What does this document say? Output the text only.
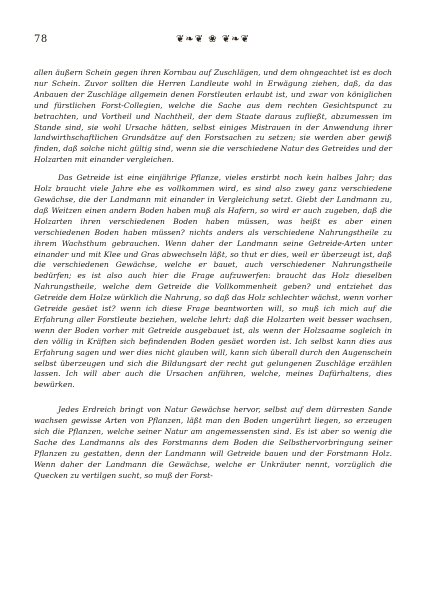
78	❦❧❦ ❀ ❦❧❦

allen äußern Schein gegen ihren Kornbau auf Zuschlägen, und dem ohngeachtet ist es doch nur Schein. Zuvor sollten die Herren Landleute wohl in Erwägung ziehen, daß, da das Anbauen der Zuschläge allgemein denen Forstleuten erlaubt ist, und zwar von königlichen und fürstlichen Forst-Collegien, welche die Sache aus dem rechten Gesichtspunct zu betrachten, und Vortheil und Nachtheil, der dem Staate daraus zufließt, abzumessen im Stande sind, sie wohl Ursache hätten, selbst einiges Mistrauen in der Anwendung ihrer landwirthschaftlichen Grundsätze auf den Forstsachen zu setzen; sie werden aber gewiß finden, daß solche nicht gültig sind, wenn sie die verschiedene Natur des Getreides und der Holzarten mit einander vergleichen.

Das Getreide ist eine einjährige Pflanze, vieles erstirbt noch kein halbes Jahr; das Holz braucht viele Jahre ehe es vollkommen wird, es sind also zwey ganz verschiedene Gewächse, die der Landmann mit einander in Vergleichung setzt. Giebt der Landmann zu, daß Weitzen einen andern Boden haben muß als Hafern, so wird er auch zugeben, daß die Holzarten ihren verschiedenen Boden haben müssen, was heißt es aber einen verschiedenen Boden haben müssen? nichts anders als verschiedene Nahrungstheile zu ihrem Wachsthum gebrauchen. Wenn daher der Landmann seine Getreide-Arten unter einander und mit Klee und Gras abwechseln läßt, so thut er dies, weil er überzeugt ist, daß die verschiedenen Gewächse, welche er bauet, auch verschiedener Nahrungstheile bedürfen; es ist also auch hier die Frage aufzuwerfen: braucht das Holz dieselben Nahrungstheile, welche dem Getreide die Vollkommenheit geben? und entziehet das Getreide dem Holze würklich die Nahrung, so daß das Holz schlechter wächst, wenn vorher Getreide gesäet ist? wenn ich diese Frage beantworten will, so muß ich mich auf die Erfahrung aller Forstleute beziehen, welche lehrt: daß die Holzarten weit besser wachsen, wenn der Boden vorher mit Getreide ausgebauet ist, als wenn der Holzsaame sogleich in den völlig in Kräften sich befindenden Boden gesäet worden ist. Ich selbst kann dies aus Erfahrung sagen und wer dies nicht glauben will, kann sich überall durch den Augenschein selbst überzeugen und sich die Bildungsart der recht gut gelungenen Zuschläge erzählen lassen. Ich will aber auch die Ursachen anführen, welche, meines Dafürhaltens, dies bewürken.

Jedes Erdreich bringt von Natur Gewächse hervor, selbst auf dem dürresten Sande wachsen gewisse Arten von Pflanzen, läßt man den Boden ungerührt liegen, so erzeugen sich die Pflanzen, welche seiner Natur am angemessensten sind. Es ist aber so wenig die Sache des Landmanns als des Forstmanns dem Boden die Selbsthervorbringung seiner Pflanzen zu gestatten, denn der Landmann will Getreide bauen und der Forstmann Holz. Wenn daher der Landmann die Gewächse, welche er Unkräuter nennt, vorzüglich die Quecken zu vertilgen sucht, so muß der Forst-
